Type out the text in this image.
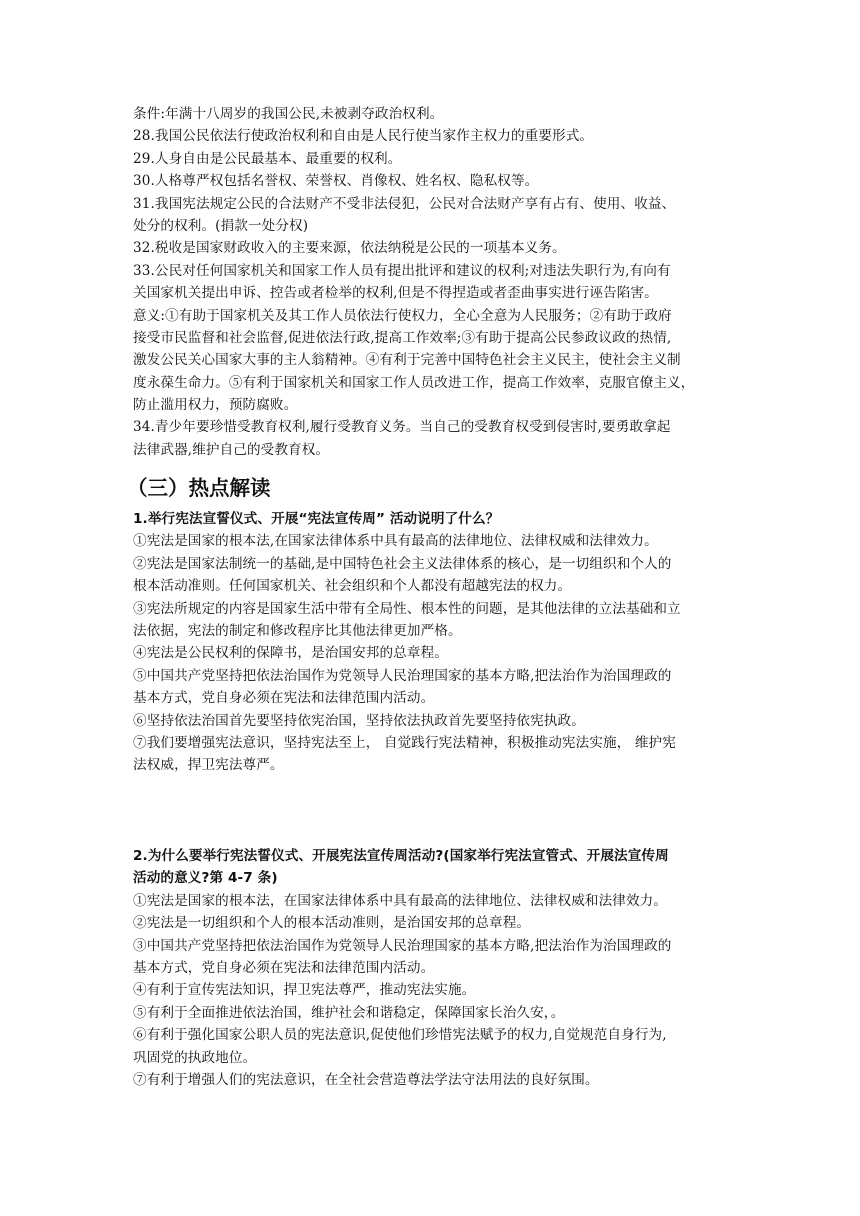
条件:年满十八周岁的我国公民,未被剥夺政治权利。
28.我国公民依法行使政治权利和自由是人民行使当家作主权力的重要形式。
29.人身自由是公民最基本、最重要的权利。
30.人格尊严权包括名誉权、荣誉权、肖像权、姓名权、隐私权等。
31.我国宪法规定公民的合法财产不受非法侵犯，公民对合法财产享有占有、使用、收益、
处分的权利。(捐款一处分权)
32.税收是国家财政收入的主要来源，依法纳税是公民的一项基本义务。
33.公民对任何国家机关和国家工作人员有提出批评和建议的权利;对违法失职行为,有向有
关国家机关提出申诉、控告或者检举的权利,但是不得捏造或者歪曲事实进行诬告陷害。
意义:①有助于国家机关及其工作人员依法行使权力，全心全意为人民服务；②有助于政府
接受市民监督和社会监督,促进依法行政,提高工作效率;③有助于提高公民参政议政的热情,
激发公民关心国家大事的主人翁精神。④有利于完善中国特色社会主义民主，使社会主义制
度永葆生命力。⑤有利于国家机关和国家工作人员改进工作，提高工作效率，克服官僚主义，
防止滥用权力，预防腐败。
34.青少年要珍惜受教育权利,履行受教育义务。当自己的受教育权受到侵害时,要勇敢拿起
法律武器,维护自己的受教育权。
（三）热点解读
1.举行宪法宣誓仪式、开展“宪法宣传周” 活动说明了什么？
①宪法是国家的根本法,在国家法律体系中具有最高的法律地位、法律权威和法律效力。
②宪法是国家法制统一的基础,是中国特色社会主义法律体系的核心，是一切组织和个人的
根本活动准则。任何国家机关、社会组织和个人都没有超越宪法的权力。
③宪法所规定的内容是国家生活中带有全局性、根本性的问题，是其他法律的立法基础和立
法依据，宪法的制定和修改程序比其他法律更加严格。
④宪法是公民权利的保障书，是治国安邦的总章程。
⑤中国共产党坚持把依法治国作为党领导人民治理国家的基本方略,把法治作为治国理政的
基本方式，党自身必须在宪法和法律范围内活动。
⑥坚持依法治国首先要坚持依宪治国，坚持依法执政首先要坚持依宪执政。
⑦我们要增强宪法意识，坚持宪法至上， 自觉践行宪法精神，积极推动宪法实施， 维护宪
法权威，捍卫宪法尊严。
2.为什么要举行宪法誓仪式、开展宪法宣传周活动?(国家举行宪法宣管式、开展法宣传周
活动的意义?第 4-7 条)
①宪法是国家的根本法，在国家法律体系中具有最高的法律地位、法律权威和法律效力。
②宪法是一切组织和个人的根本活动准则，是治国安邦的总章程。
③中国共产党坚持把依法治国作为党领导人民治理国家的基本方略,把法治作为治国理政的
基本方式，党自身必须在宪法和法律范围内活动。
④有利于宣传宪法知识，捍卫宪法尊严，推动宪法实施。
⑤有利于全面推进依法治国，维护社会和谐稳定，保障国家长治久安，。
⑥有利于强化国家公职人员的宪法意识,促使他们珍惜宪法赋予的权力,自觉规范自身行为,
巩固党的执政地位。
⑦有利于增强人们的宪法意识，在全社会营造尊法学法守法用法的良好氛围。
